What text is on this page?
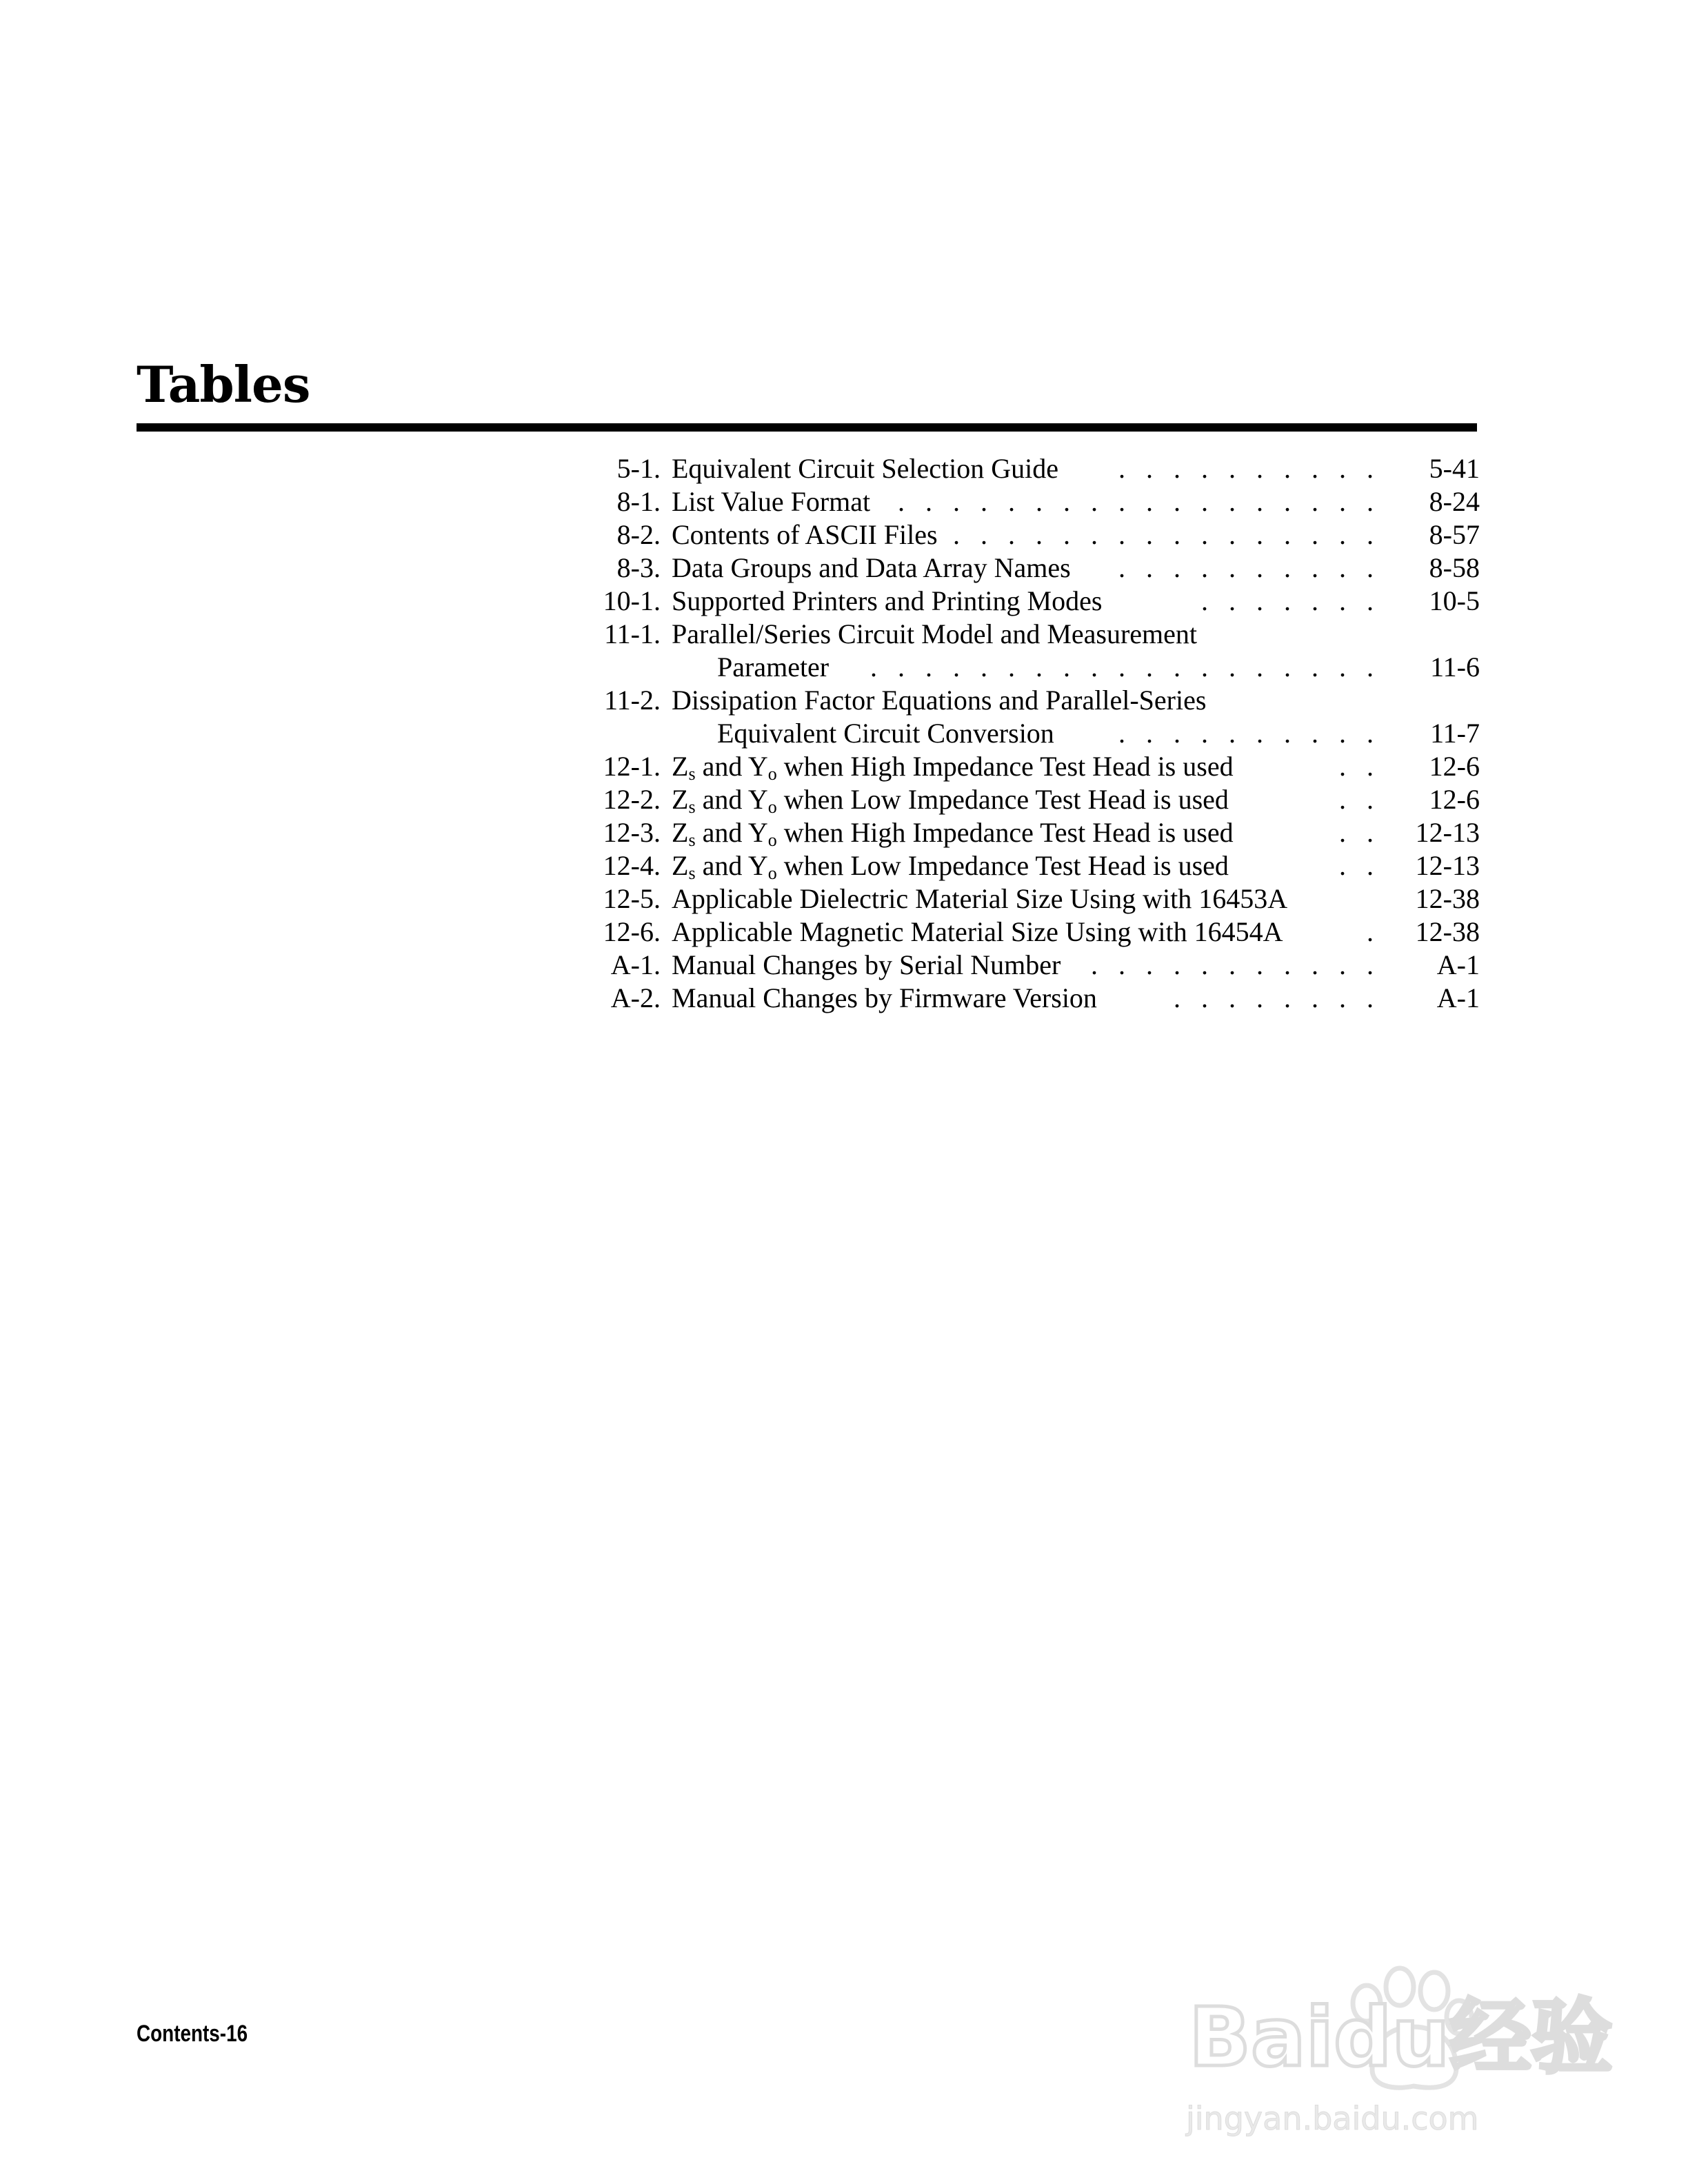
Tables
5-1. Equivalent Circuit Selection Guide	. . . . . . . . . .	5-41
8-1. List Value Format . . . . . . . . . . . . . . . . . .	8-24
8-2. Contents of ASCII Files . . . . . . . . . . . . . . . .	8-57
8-3. Data Groups and Data Array Names	. . . . . . . . . .	8-58
10-1. Supported Printers and Printing Modes	. . . . . . .	10-5
11-1. Parallel/Series Circuit Model and Measurement
Parameter	. . . . . . . . . . . . . . . . . . .	11-6
11-2. Dissipation Factor Equations and Parallel-Series
Equivalent Circuit Conversion	. . . . . . . . . .	11-7
12-1. $Z_s$ and $Y_o$ when High Impedance Test Head is used	. .	12-6
12-2. $Z_s$ and $Y_o$ when Low Impedance Test Head is used	. .	12-6
12-3. $Z_s$ and $Y_o$ when High Impedance Test Head is used	. .	12-13
12-4. $Z_s$ and $Y_o$ when Low Impedance Test Head is used	. .	12-13
12-5. Applicable Dielectric Material Size Using with 16453A	12-38
12-6. Applicable Magnetic Material Size Using with 16454A	.	12-38
A-1. Manual Changes by Serial Number	. . . . . . . . . . .	A-1
A-2. Manual Changes by Firmware Version	. . . . . . . .	A-1
Contents-16	Baidu经验
jingyan.baidu.com
